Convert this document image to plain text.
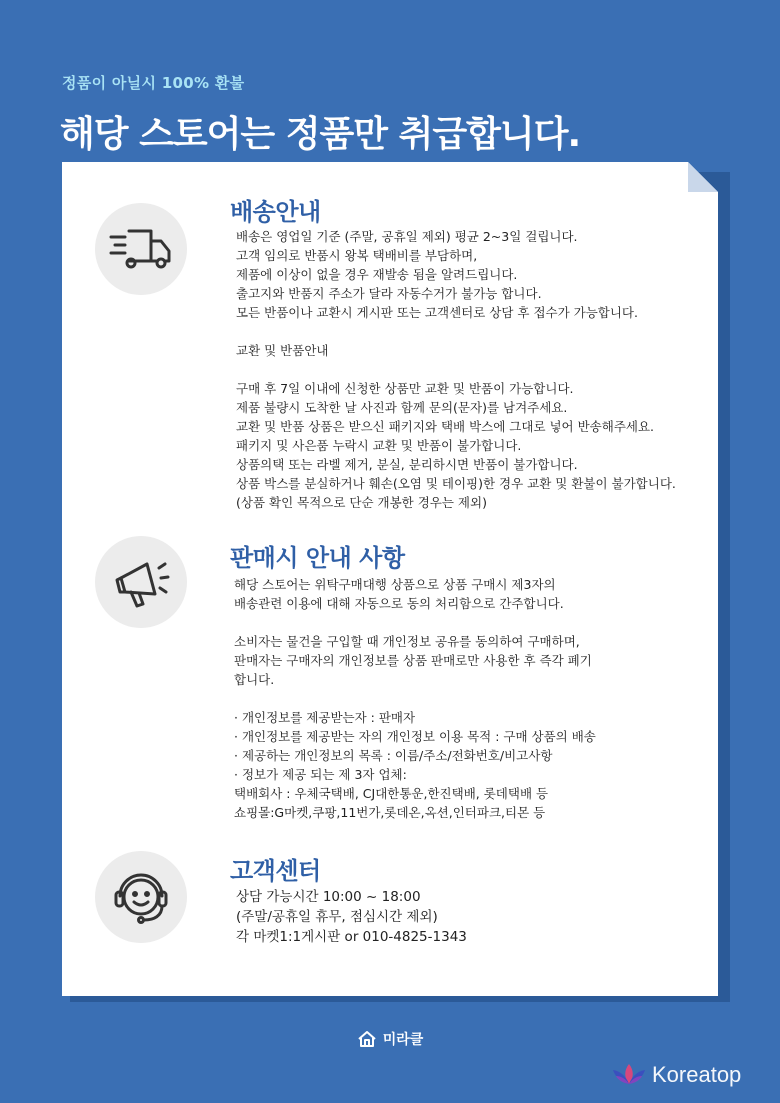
정품이 아닐시 100% 환불
해당 스토어는 정품만 취급합니다.
배송안내
배송은 영업일 기준 (주말, 공휴일 제외) 평균 2~3일 걸립니다.
고객 임의로 반품시 왕복 택배비를 부담하며,
제품에 이상이 없을 경우 재발송 됨을 알려드립니다.
출고지와 반품지 주소가 달라 자동수거가 불가능 합니다.
모든 반품이나 교환시 게시판 또는 고객센터로 상담 후 접수가 가능합니다.
교환 및 반품안내
구매 후 7일 이내에 신청한 상품만 교환 및 반품이 가능합니다.
제품 불량시 도착한 날 사진과 함께 문의(문자)를 남겨주세요.
교환 및 반품 상품은 받으신 패키지와 택배 박스에 그대로 넣어 반송해주세요.
패키지 및 사은품 누락시 교환 및 반품이 불가합니다.
상품의택 또는 라벨 제거, 분실, 분리하시면 반품이 불가합니다.
상품 박스를 분실하거나 훼손(오염 및 테이핑)한 경우 교환 및 환불이 불가합니다.
(상품 확인 목적으로 단순 개봉한 경우는 제외)
판매시 안내 사항
해당 스토어는 위탁구매대행 상품으로 상품 구매시 제3자의
배송관련 이용에 대해 자동으로 동의 처리함으로 간주합니다.
소비자는 물건을 구입할 때 개인정보 공유를 동의하여 구매하며,
판매자는 구매자의 개인정보를 상품 판매로만 사용한 후 즉각 폐기
합니다.
· 개인정보를 제공받는자 : 판매자
· 개인정보를 제공받는 자의 개인정보 이용 목적 : 구매 상품의 배송
· 제공하는 개인정보의 목록 : 이름/주소/전화번호/비고사항
· 정보가 제공 되는 제 3자 업체:
택배회사 : 우체국택배, CJ대한통운,한진택배, 롯데택배 등
쇼핑몰:G마켓,쿠팡,11번가,롯데온,옥션,인터파크,티몬 등
고객센터
상담 가능시간 10:00 ~ 18:00
(주말/공휴일 휴무, 점심시간 제외)
각 마켓1:1게시판 or 010-4825-1343
미라클
Koreatop
